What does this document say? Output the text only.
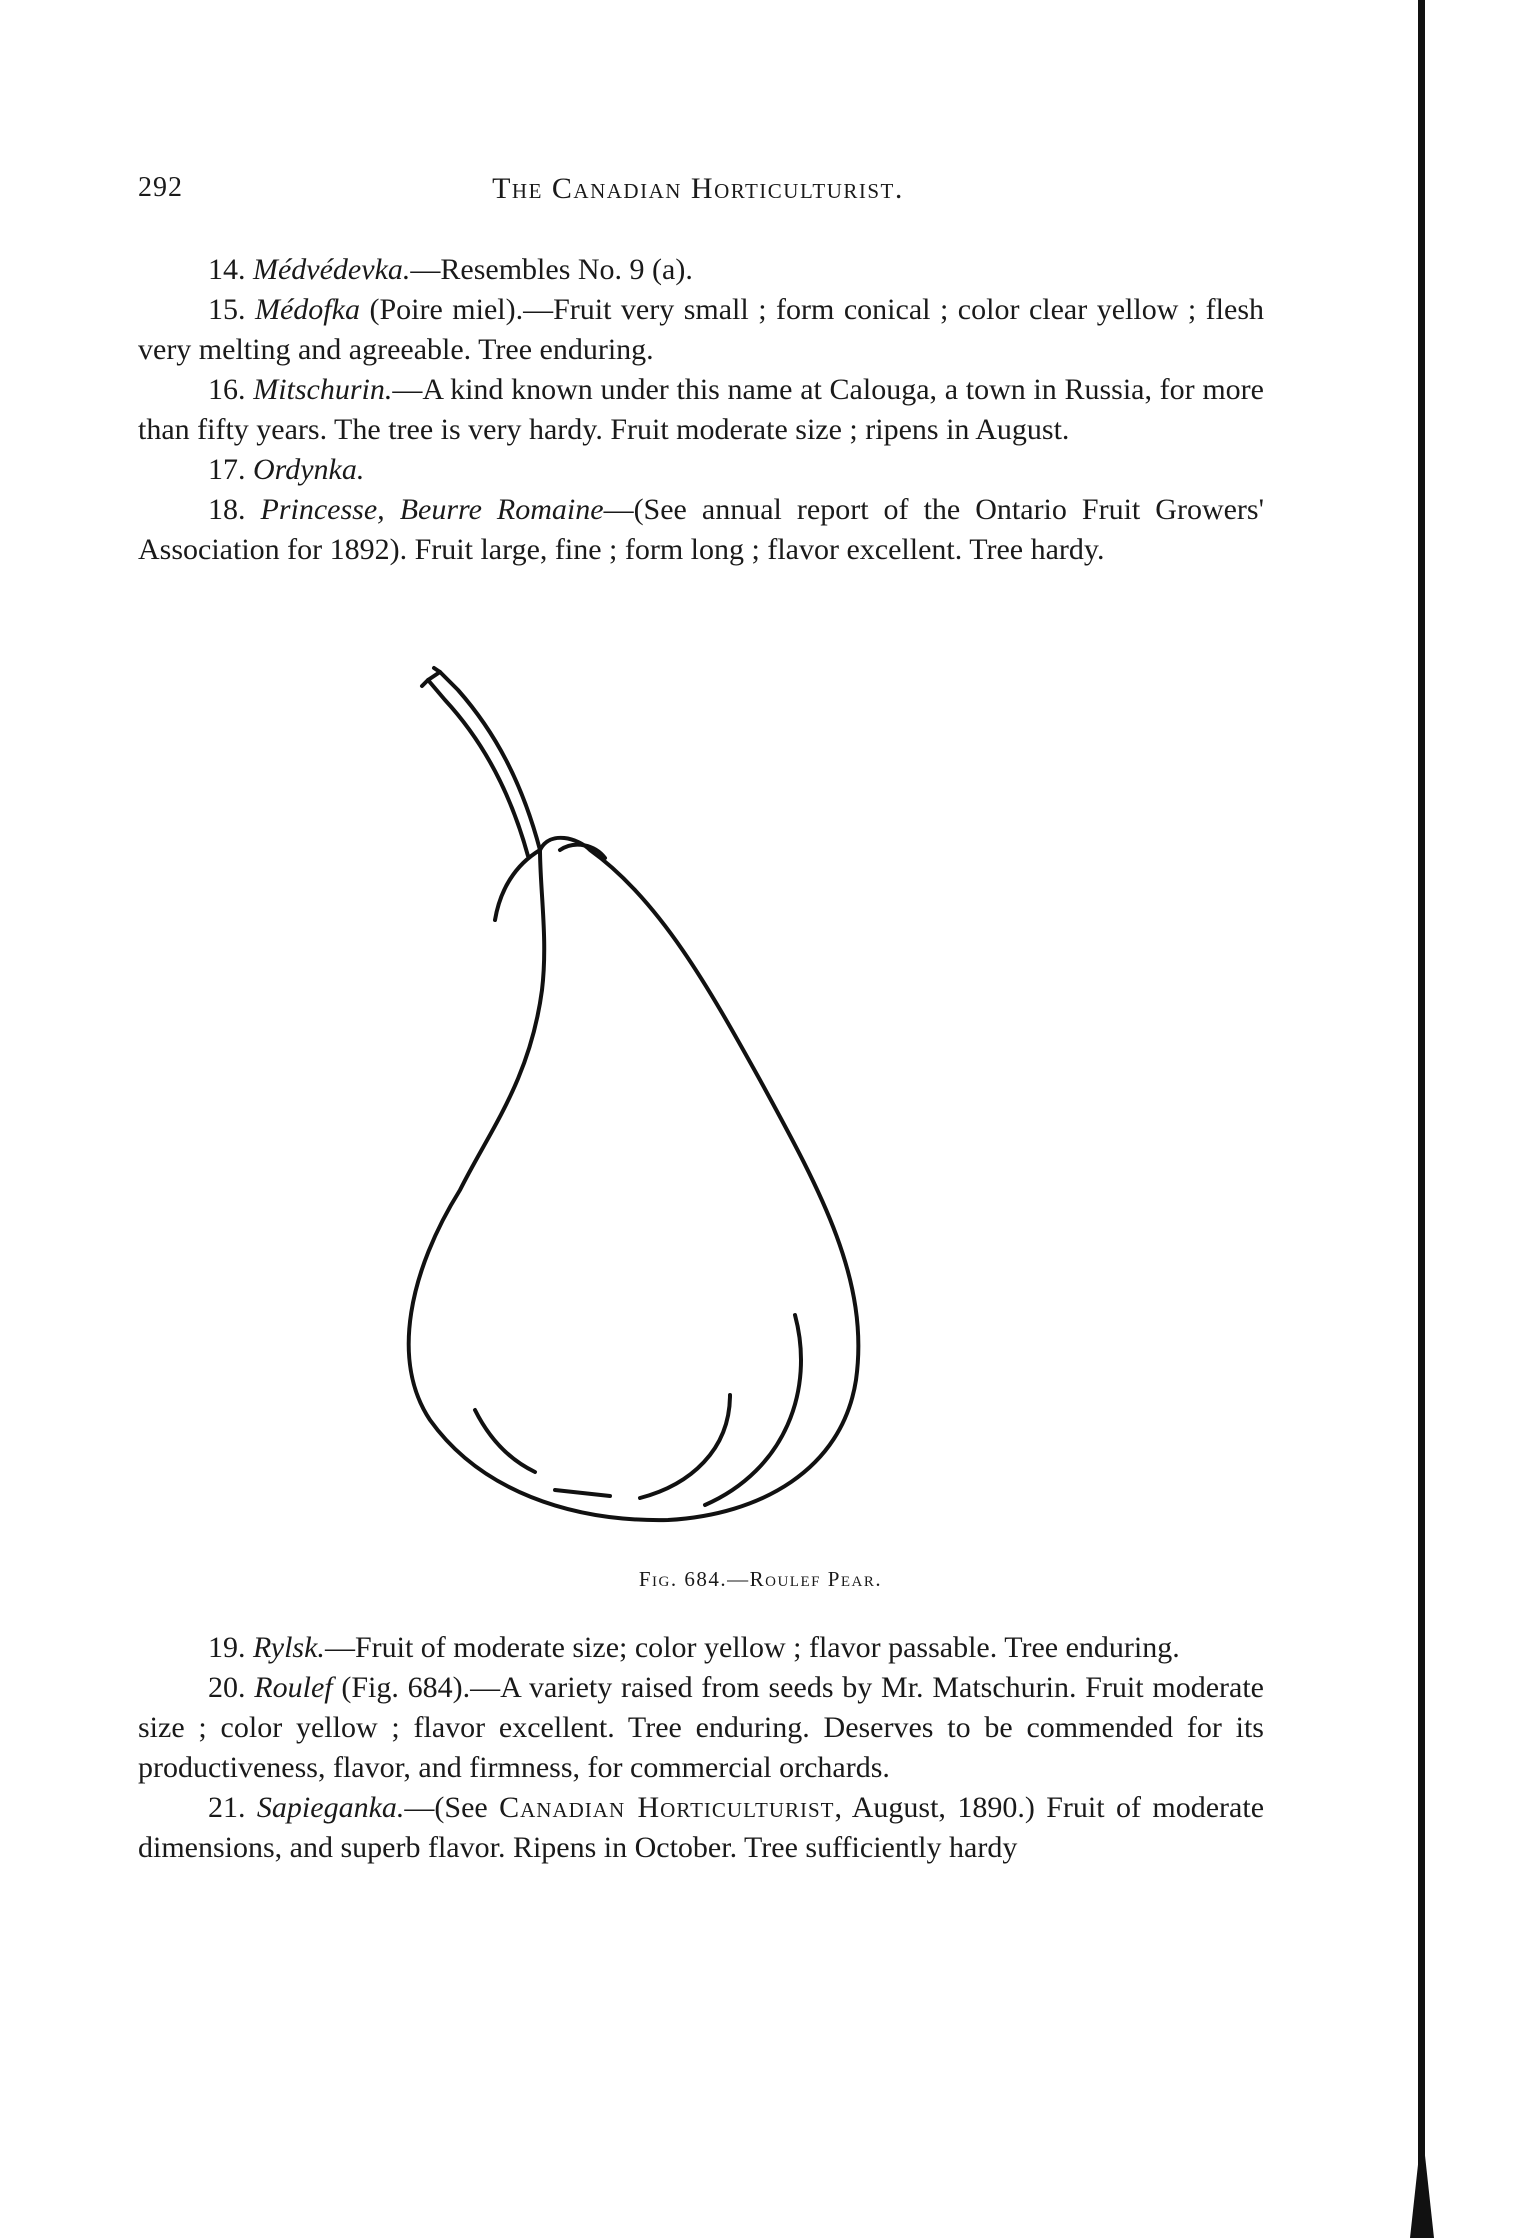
292	The Canadian Horticulturist.

14. Médvédevka.—Resembles No. 9 (a).

15. Médofka (Poire miel).—Fruit very small ; form conical ; color clear yellow ; flesh very melting and agreeable. Tree enduring.

16. Mitschurin.—A kind known under this name at Calouga, a town in Russia, for more than fifty years. The tree is very hardy. Fruit moderate size ; ripens in August.

17. Ordynka.

18. Princesse, Beurre Romaine—(See annual report of the Ontario Fruit Growers' Association for 1892). Fruit large, fine ; form long ; flavor excellent. Tree hardy.

Fig. 684.—Roulef Pear.

19. Rylsk.—Fruit of moderate size; color yellow ; flavor passable. Tree enduring.

20. Roulef (Fig. 684).—A variety raised from seeds by Mr. Matschurin. Fruit moderate size ; color yellow ; flavor excellent. Tree enduring. Deserves to be commended for its productiveness, flavor, and firmness, for commercial orchards.

21. Sapieganka.—(See Canadian Horticulturist, August, 1890.) Fruit of moderate dimensions, and superb flavor. Ripens in October. Tree sufficiently hardy
